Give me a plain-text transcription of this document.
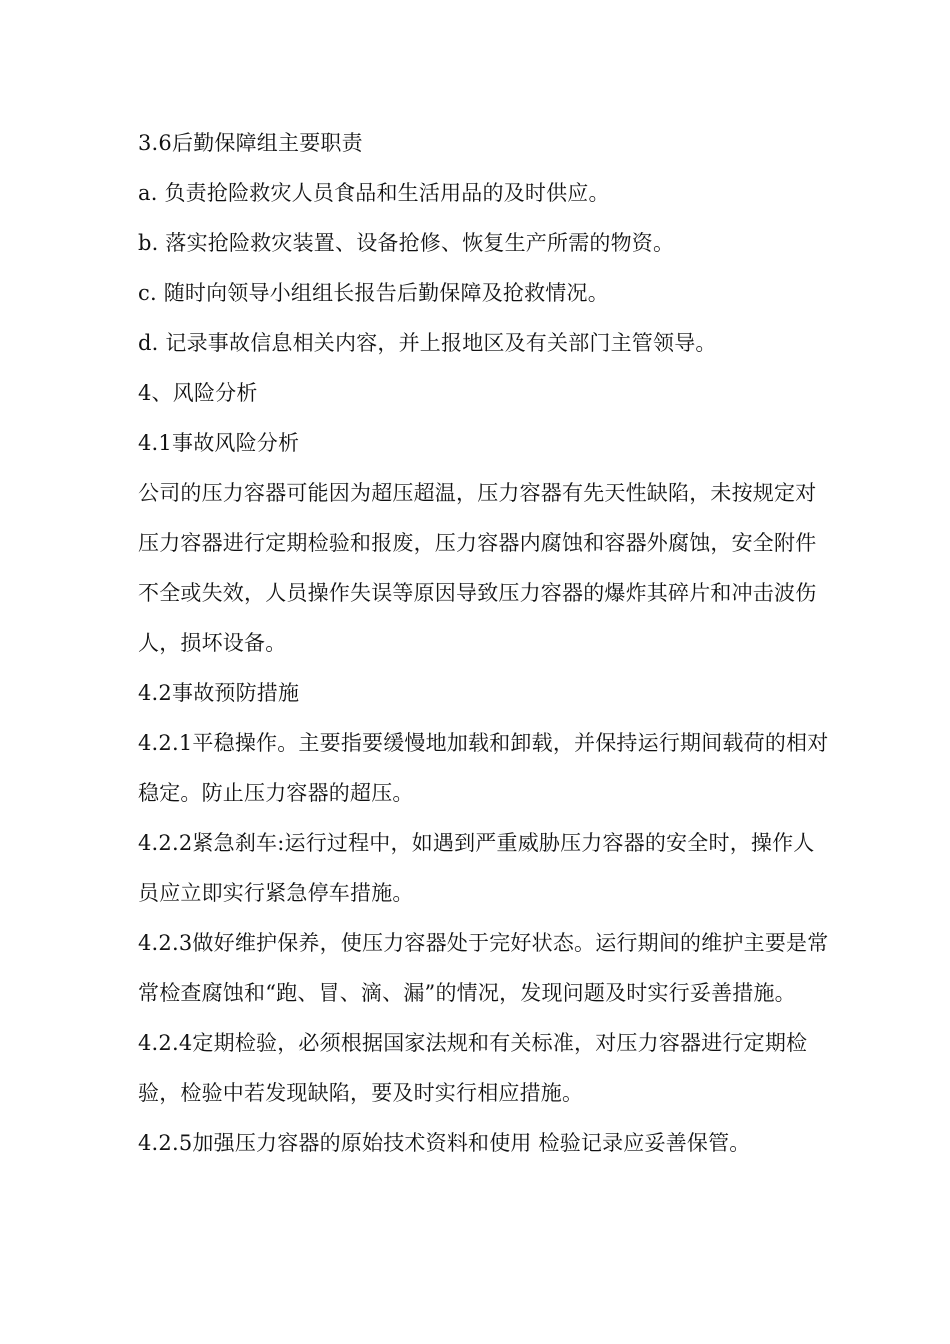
3.6后勤保障组主要职责

a. 负责抢险救灾人员食品和生活用品的及时供应。

b. 落实抢险救灾装置、设备抢修、恢复生产所需的物资。

c. 随时向领导小组组长报告后勤保障及抢救情况。

d. 记录事故信息相关内容，并上报地区及有关部门主管领导。

4、风险分析

4.1事故风险分析

公司的压力容器可能因为超压超温，压力容器有先天性缺陷，未按规定对压力容器进行定期检验和报废，压力容器内腐蚀和容器外腐蚀，安全附件不全或失效，人员操作失误等原因导致压力容器的爆炸其碎片和冲击波伤人，损坏设备。

4.2事故预防措施

4.2.1平稳操作。主要指要缓慢地加载和卸载，并保持运行期间载荷的相对稳定。防止压力容器的超压。

4.2.2紧急刹车:运行过程中，如遇到严重威胁压力容器的安全时，操作人员应立即实行紧急停车措施。

4.2.3做好维护保养，使压力容器处于完好状态。运行期间的维护主要是常常检查腐蚀和“跑、冒、滴、漏”的情况，发现问题及时实行妥善措施。

4.2.4定期检验，必须根据国家法规和有关标准，对压力容器进行定期检验，检验中若发现缺陷，要及时实行相应措施。

4.2.5加强压力容器的原始技术资料和使用 检验记录应妥善保管。
